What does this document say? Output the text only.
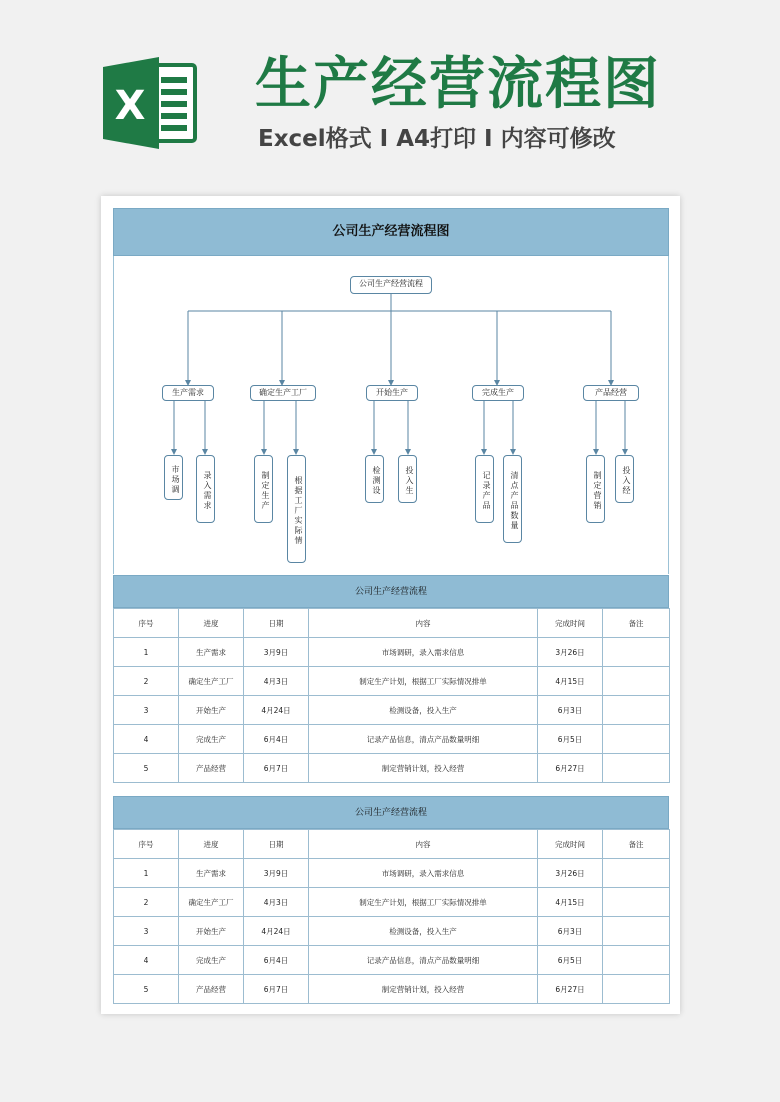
X 生产经营流程图
Excel格式 I A4打印 I 内容可修改
公司生产经营流程图
公司生产经营流程
生产需求	确定生产工厂	开始生产	完成生产	产品经营
市场调	录入需求	制定生产	根据工厂实际情	检测设	投入生	记录产品	清点产品数量	制定营销	投入经
公司生产经营流程
序号	进度	日期	内容	完成时间	备注
1	生产需求	3月9日	市场调研，录入需求信息	3月26日	
2	确定生产工厂	4月3日	制定生产计划，根据工厂实际情况排单	4月15日	
3	开始生产	4月24日	检测设备，投入生产	6月3日	
4	完成生产	6月4日	记录产品信息，清点产品数量明细	6月5日	
5	产品经营	6月7日	制定营销计划，投入经营	6月27日	
公司生产经营流程
序号	进度	日期	内容	完成时间	备注
1	生产需求	3月9日	市场调研，录入需求信息	3月26日	
2	确定生产工厂	4月3日	制定生产计划，根据工厂实际情况排单	4月15日	
3	开始生产	4月24日	检测设备，投入生产	6月3日	
4	完成生产	6月4日	记录产品信息，清点产品数量明细	6月5日	
5	产品经营	6月7日	制定营销计划，投入经营	6月27日	
